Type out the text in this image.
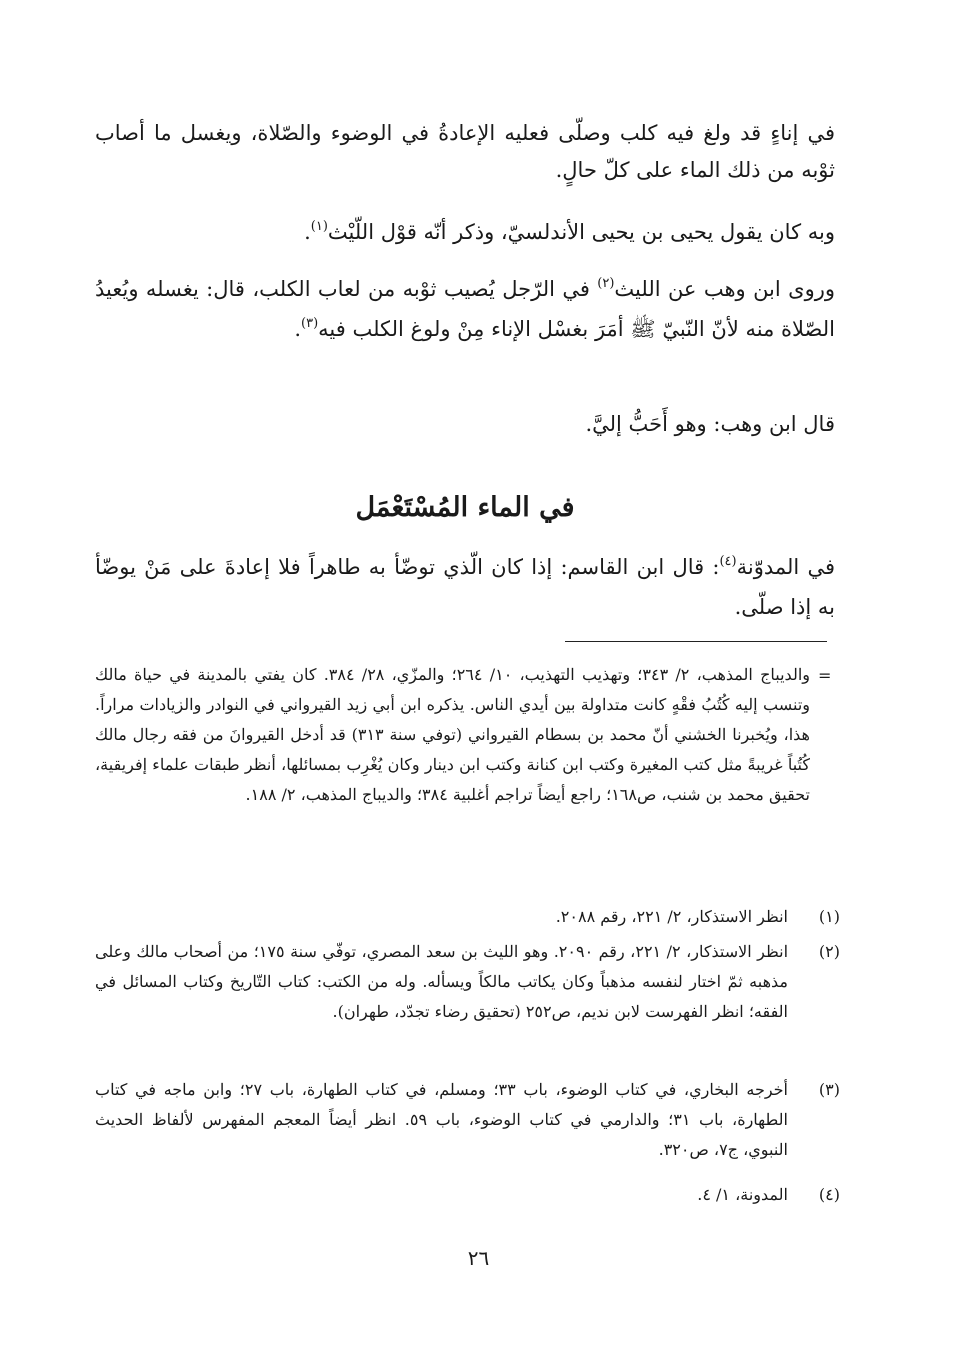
في إناءٍ قد ولغ فيه كلب وصلّى فعليه الإعادةُ في الوضوء والصّلاة، ويغسل ما أصاب ثوْبه من ذلك الماء على كلّ حالٍ.
وبه كان يقول يحيى بن يحيى الأندلسيّ، وذكر أنّه قوْل اللّيْث$^{(١)}$.
وروى ابن وهب عن الليث$^{(٢)}$ في الرّجل يُصيب ثوْبه من لعاب الكلب، قال: يغسله ويُعيدُ الصّلاة منه لأنّ النّبيّ ﷺ أمَرَ بغسْل الإناء مِنْ ولوغ الكلب فيه$^{(٣)}$.
قال ابن وهب: وهو أَحَبُّ إليَّ.
في الماء المُسْتَعْمَل
في المدوّنة$^{(٤)}$: قال ابن القاسم: إذا كان الّذي توضّأ به طاهراً فلا إعادةَ على مَنْ يوضّأ به إذا صلّى.
=
والديباج المذهب، ٢/ ٣٤٣؛ وتهذيب التهذيب، ١٠/ ٢٦٤؛ والمزّي، ٢٨/ ٣٨٤. كان يفتي بالمدينة في حياة مالك وتنسب إليه كُتُبُ فقْهٍ كانت متداولة بين أيدي الناس. يذكره ابن أبي زيد القيرواني في النوادر والزيادات مراراً. هذا، ويُخبرنا الخشني أنّ محمد بن بسطام القيرواني (توفي سنة ٣١٣) قد أدخل القيروانَ من فقه رجال مالك كُتُباً غريبةً مثل كتب المغيرة وكتب ابن كنانة وكتب ابن دينار وكان يُغْرِب بمسائلها، أنظر طبقات علماء إفريقية، تحقيق محمد بن شنب، ص١٦٨؛ راجع أيضاً تراجم أغلبية ٣٨٤؛ والديباج المذهب، ٢/ ١٨٨.
(١)
انظر الاستذكار، ٢/ ٢٢١، رقم ٢٠٨٨.
(٢)
انظر الاستذكار، ٢/ ٢٢١، رقم ٢٠٩٠. وهو الليث بن سعد المصري، توفّي سنة ١٧٥؛ من أصحاب مالك وعلى مذهبه ثمّ اختار لنفسه مذهباً وكان يكاتب مالكاً ويسأله. وله من الكتب: كتاب التّاريخ وكتاب المسائل في الفقه؛ انظر الفهرست لابن نديم، ص٢٥٢ (تحقيق رضاء تجدّد، طهران).
(٣)
أخرجه البخاري، في كتاب الوضوء، باب ٣٣؛ ومسلم، في كتاب الطهارة، باب ٢٧؛ وابن ماجه في كتاب الطهارة، باب ٣١؛ والدارمي في كتاب الوضوء، باب ٥٩. انظر أيضاً المعجم المفهرس لألفاظ الحديث النبوي، ج٧، ص٣٢٠.
(٤)
المدونة، ١/ ٤.
٢٦
